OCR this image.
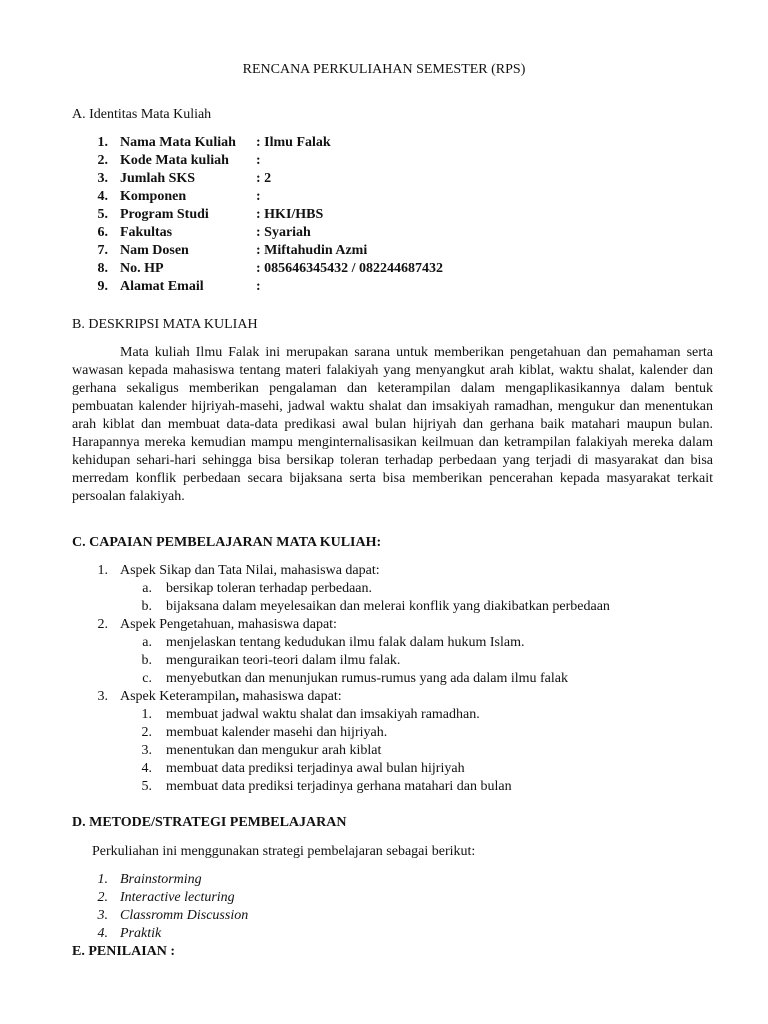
RENCANA PERKULIAHAN SEMESTER (RPS)
A. Identitas Mata Kuliah
1. Nama Mata Kuliah : Ilmu Falak
2. Kode Mata kuliah :
3. Jumlah SKS	: 2
4. Komponen	:
5. Program Studi	: HKI/HBS
6. Fakultas	: Syariah
7. Nam Dosen	: Miftahudin Azmi
8. No. HP	: 085646345432 / 082244687432
9. Alamat Email	:
B. DESKRIPSI MATA KULIAH
Mata kuliah Ilmu Falak ini merupakan sarana untuk memberikan pengetahuan dan pemahaman serta wawasan kepada mahasiswa tentang materi falakiyah yang menyangkut arah kiblat, waktu shalat, kalender dan gerhana sekaligus memberikan pengalaman dan keterampilan dalam mengaplikasikannya dalam bentuk pembuatan kalender hijriyah-masehi, jadwal waktu shalat dan imsakiyah ramadhan, mengukur dan menentukan arah kiblat dan membuat data-data predikasi awal bulan hijriyah dan gerhana baik matahari maupun bulan. Harapannya mereka kemudian mampu menginternalisasikan keilmuan dan ketrampilan falakiyah mereka dalam kehidupan sehari-hari sehingga bisa bersikap toleran terhadap perbedaan yang terjadi di masyarakat dan bisa merredam konflik perbedaan secara bijaksana serta bisa memberikan pencerahan kepada masyarakat terkait persoalan falakiyah.
C. CAPAIAN PEMBELAJARAN MATA KULIAH:
1. Aspek Sikap dan Tata Nilai, mahasiswa dapat:
a. bersikap toleran terhadap perbedaan.
b. bijaksana dalam meyelesaikan dan melerai konflik yang diakibatkan perbedaan
2. Aspek Pengetahuan, mahasiswa dapat:
a. menjelaskan tentang kedudukan ilmu falak dalam hukum Islam.
b. menguraikan teori-teori dalam ilmu falak.
c. menyebutkan dan menunjukan rumus-rumus yang ada dalam ilmu falak
3. Aspek Keterampilan, mahasiswa dapat:
1. membuat jadwal waktu shalat dan imsakiyah ramadhan.
2. membuat kalender masehi dan hijriyah.
3. menentukan dan mengukur arah kiblat
4. membuat data prediksi terjadinya awal bulan hijriyah
5. membuat data prediksi terjadinya gerhana matahari dan bulan
D. METODE/STRATEGI PEMBELAJARAN
Perkuliahan ini menggunakan strategi pembelajaran sebagai berikut:
1. Brainstorming
2. Interactive lecturing
3. Classromm Discussion
4. Praktik
E. PENILAIAN :
